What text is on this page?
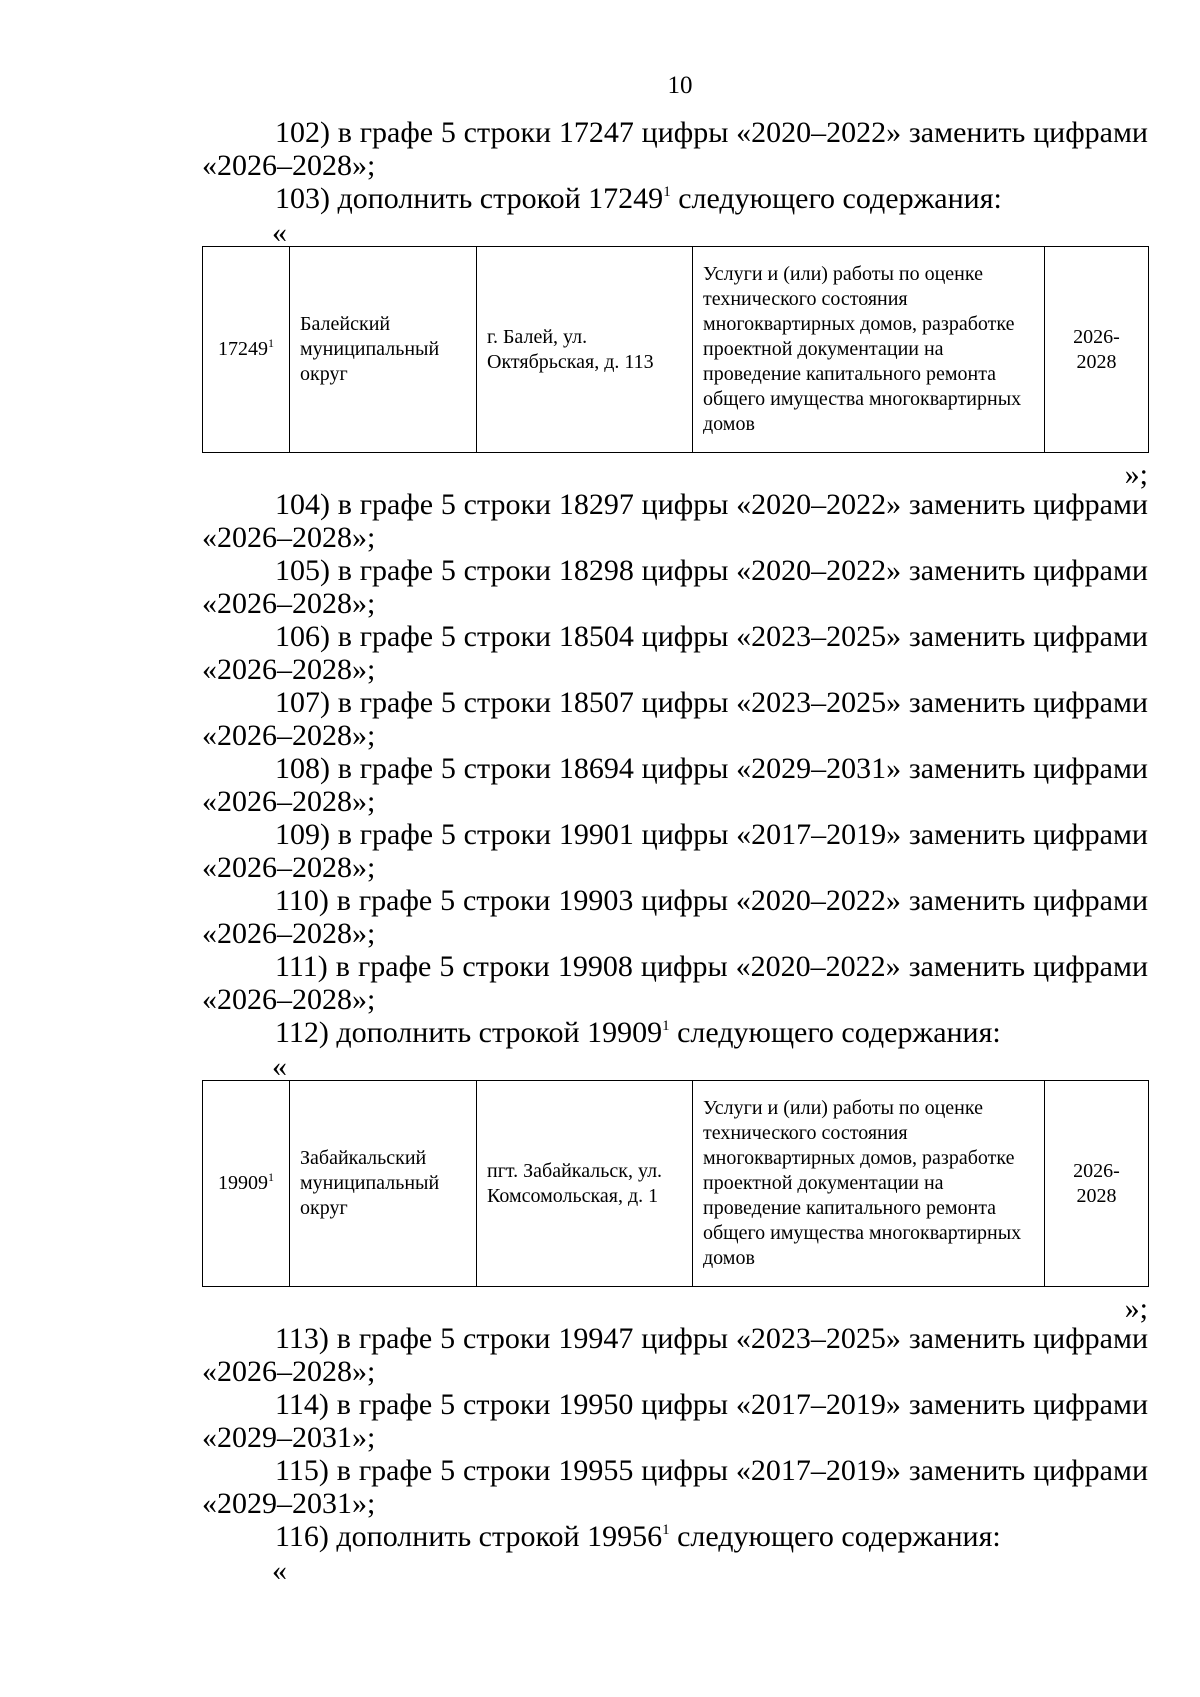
10

102) в графе 5 строки 17247 цифры «2020–2022» заменить цифрами «2026–2028»;

103) дополнить строкой 17249$^1$ следующего содержания:

«
17249$^1$	Балейский муниципальный округ	г. Балей, ул. Октябрьская, д. 113	Услуги и (или) работы по оценке технического состояния многоквартирных домов, разработке проектной документации на проведение капитального ремонта общего имущества многоквартирных домов	2026-2028
»;

104) в графе 5 строки 18297 цифры «2020–2022» заменить цифрами «2026–2028»;

105) в графе 5 строки 18298 цифры «2020–2022» заменить цифрами «2026–2028»;

106) в графе 5 строки 18504 цифры «2023–2025» заменить цифрами «2026–2028»;

107) в графе 5 строки 18507 цифры «2023–2025» заменить цифрами «2026–2028»;

108) в графе 5 строки 18694 цифры «2029–2031» заменить цифрами «2026–2028»;

109) в графе 5 строки 19901 цифры «2017–2019» заменить цифрами «2026–2028»;

110) в графе 5 строки 19903 цифры «2020–2022» заменить цифрами «2026–2028»;

111) в графе 5 строки 19908 цифры «2020–2022» заменить цифрами «2026–2028»;

112) дополнить строкой 19909$^1$ следующего содержания:

«
19909$^1$	Забайкальский муниципальный округ	пгт. Забайкальск, ул. Комсомольская, д. 1	Услуги и (или) работы по оценке технического состояния многоквартирных домов, разработке проектной документации на проведение капитального ремонта общего имущества многоквартирных домов	2026-2028
»;

113) в графе 5 строки 19947 цифры «2023–2025» заменить цифрами «2026–2028»;

114) в графе 5 строки 19950 цифры «2017–2019» заменить цифрами «2029–2031»;

115) в графе 5 строки 19955 цифры «2017–2019» заменить цифрами «2029–2031»;

116) дополнить строкой 19956$^1$ следующего содержания:

«
